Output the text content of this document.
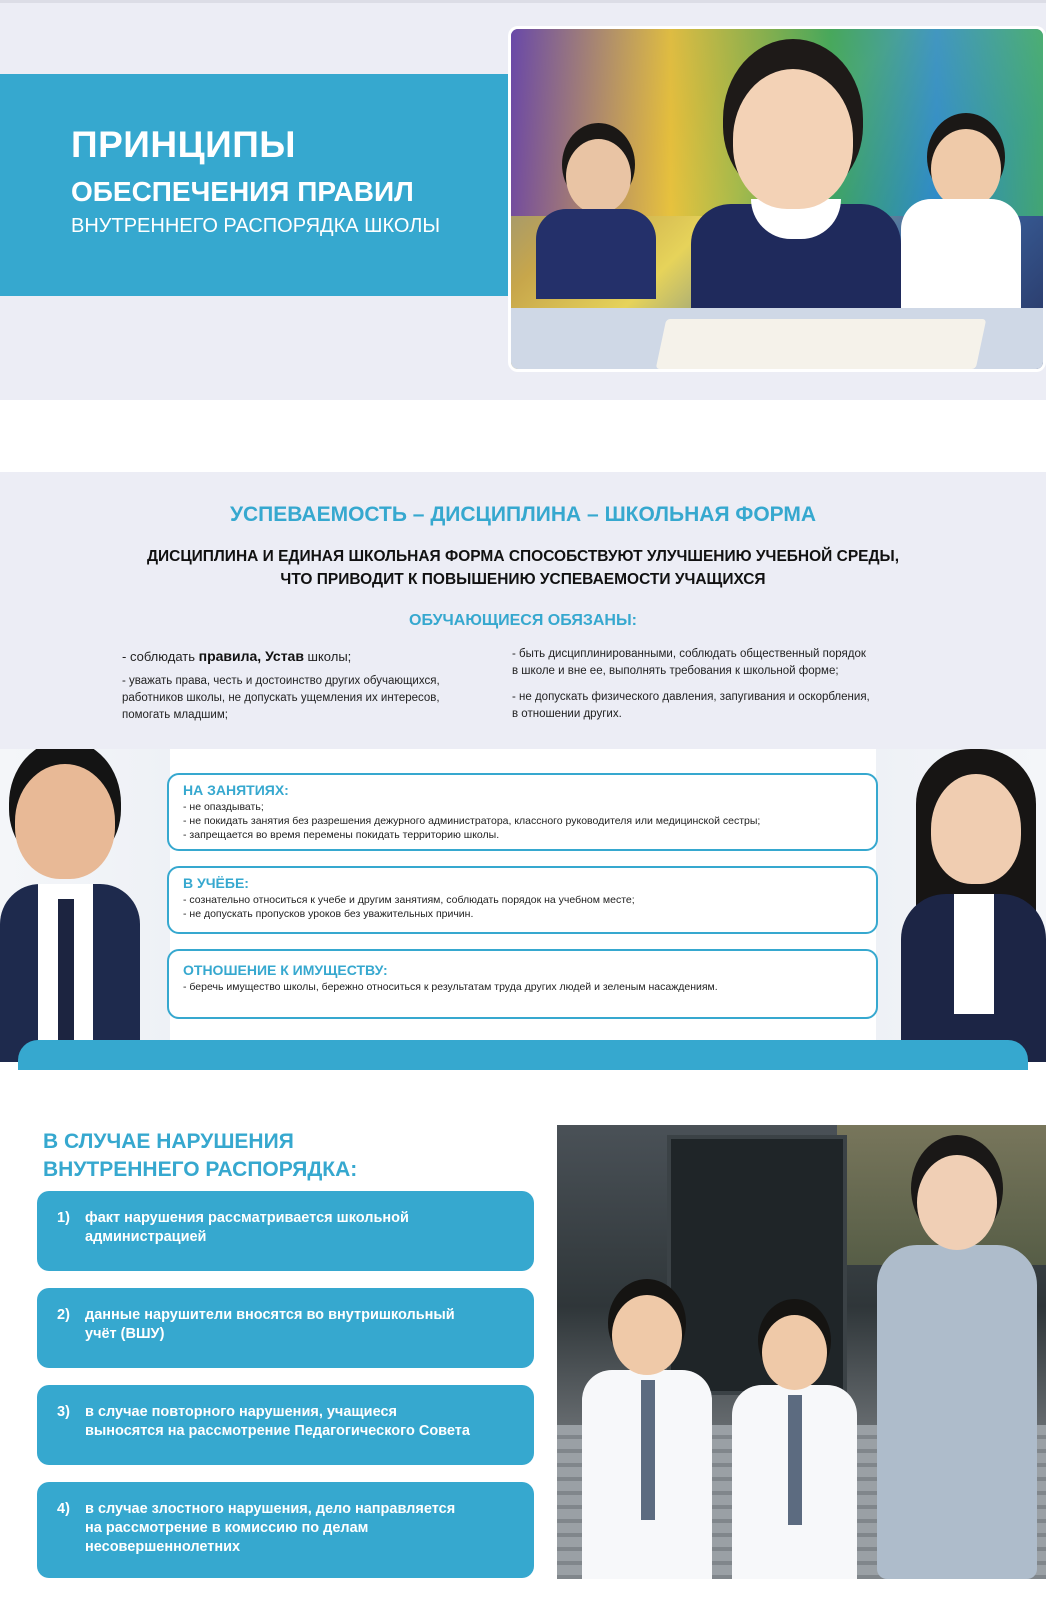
ПРИНЦИПЫ
ОБЕСПЕЧЕНИЯ ПРАВИЛ
ВНУТРЕННЕГО РАСПОРЯДКА ШКОЛЫ
УСПЕВАЕМОСТЬ – ДИСЦИПЛИНА – ШКОЛЬНАЯ ФОРМА
ДИСЦИПЛИНА И ЕДИНАЯ ШКОЛЬНАЯ ФОРМА СПОСОБСТВУЮТ УЛУЧШЕНИЮ УЧЕБНОЙ СРЕДЫ,
ЧТО ПРИВОДИТ К ПОВЫШЕНИЮ УСПЕВАЕМОСТИ УЧАЩИХСЯ
ОБУЧАЮЩИЕСЯ ОБЯЗАНЫ:
- соблюдать правила, Устав школы;
- уважать права, честь и достоинство других обучающихся,
работников школы, не допускать ущемления их интересов,
помогать младшим;
- быть дисциплинированными, соблюдать общественный порядок
в школе и вне ее, выполнять требования к школьной форме;
- не допускать физического давления, запугивания и оскорбления,
в отношении других.
НА ЗАНЯТИЯХ:
- не опаздывать;
- не покидать занятия без разрешения дежурного администратора, классного руководителя или медицинской сестры;
- запрещается во время перемены покидать территорию школы.
В УЧЁБЕ:
- сознательно относиться к учебе и другим занятиям, соблюдать порядок на учебном месте;
- не допускать пропусков уроков без уважительных причин.
ОТНОШЕНИЕ К ИМУЩЕСТВУ:
- беречь имущество школы, бережно относиться к результатам труда других людей и зеленым насаждениям.
В СЛУЧАЕ НАРУШЕНИЯ
ВНУТРЕННЕГО РАСПОРЯДКА:
1) факт нарушения рассматривается школьной
администрацией
2) данные нарушители вносятся во внутришкольный
учёт (ВШУ)
3) в случае повторного нарушения, учащиеся
выносятся на рассмотрение Педагогического Совета
4) в случае злостного нарушения, дело направляется
на рассмотрение в комиссию по делам
несовершеннолетних
